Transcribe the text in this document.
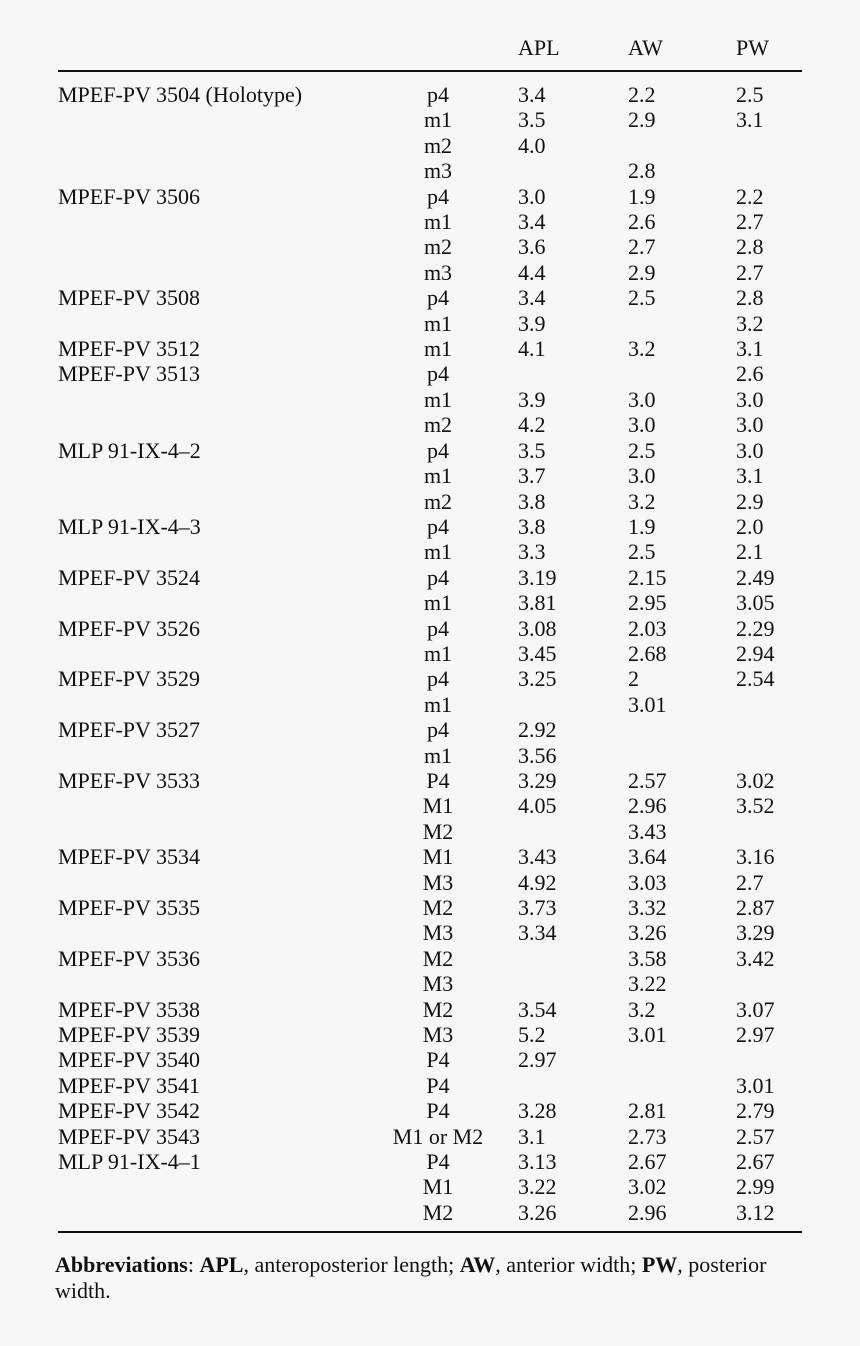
		APL	AW	PW
MPEF-PV 3504 (Holotype)	p4	3.4	2.2	2.5
	m1	3.5	2.9	3.1
	m2	4.0		
	m3		2.8	
MPEF-PV 3506	p4	3.0	1.9	2.2
	m1	3.4	2.6	2.7
	m2	3.6	2.7	2.8
	m3	4.4	2.9	2.7
MPEF-PV 3508	p4	3.4	2.5	2.8
	m1	3.9		3.2
MPEF-PV 3512	m1	4.1	3.2	3.1
MPEF-PV 3513	p4			2.6
	m1	3.9	3.0	3.0
	m2	4.2	3.0	3.0
MLP 91-IX-4–2	p4	3.5	2.5	3.0
	m1	3.7	3.0	3.1
	m2	3.8	3.2	2.9
MLP 91-IX-4–3	p4	3.8	1.9	2.0
	m1	3.3	2.5	2.1
MPEF-PV 3524	p4	3.19	2.15	2.49
	m1	3.81	2.95	3.05
MPEF-PV 3526	p4	3.08	2.03	2.29
	m1	3.45	2.68	2.94
MPEF-PV 3529	p4	3.25	2	2.54
	m1		3.01	
MPEF-PV 3527	p4	2.92		
	m1	3.56		
MPEF-PV 3533	P4	3.29	2.57	3.02
	M1	4.05	2.96	3.52
	M2		3.43	
MPEF-PV 3534	M1	3.43	3.64	3.16
	M3	4.92	3.03	2.7
MPEF-PV 3535	M2	3.73	3.32	2.87
	M3	3.34	3.26	3.29
MPEF-PV 3536	M2		3.58	3.42
	M3		3.22	
MPEF-PV 3538	M2	3.54	3.2	3.07
MPEF-PV 3539	M3	5.2	3.01	2.97
MPEF-PV 3540	P4	2.97		
MPEF-PV 3541	P4			3.01
MPEF-PV 3542	P4	3.28	2.81	2.79
MPEF-PV 3543	M1 or M2	3.1	2.73	2.57
MLP 91-IX-4–1	P4	3.13	2.67	2.67
	M1	3.22	3.02	2.99
	M2	3.26	2.96	3.12
Abbreviations: APL, anteroposterior length; AW, anterior width; PW, posterior width.
